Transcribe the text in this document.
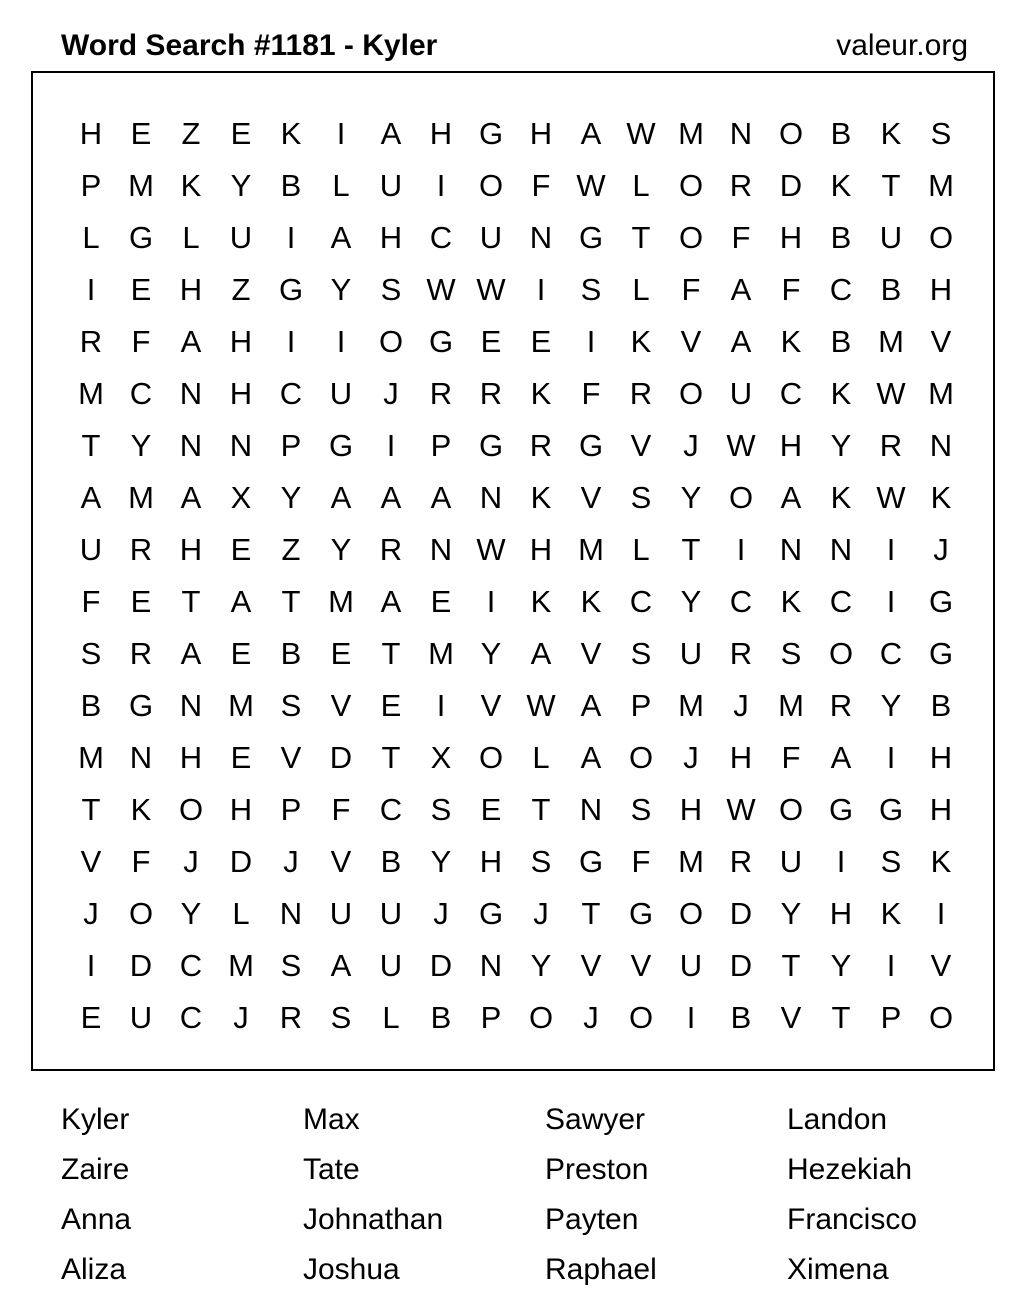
Word Search #1181 - Kyler	valeur.org
H E Z E K	I	A H G H A W M N O B K S
P M K Y B	L U	I	O F W L O R D K T M
L G L U	I	A H C U N G T O F H B U O
I	E H Z G Y S W W	I	S	L	F A F C B H
R F A H	I	I	O G E E	I	K V A K B M V
M C N H C U	J	R R K F R O U C K W M
T Y N N P G	I	P G R G V	J W H Y R N
A M A X Y A A A N K V S Y O A K W K
U R H E Z Y R N W H M L	T	I	N N	I	J
F E T A T M A E	I	K K C Y C K C	I	G
S R A E B E T M Y A V S U R S O C G
B G N M S V E	I	V W A P M J M R Y B
M N H E V D T X O L	A O J	H F A	I	H
T K O H P F C S E T N S H W O G G H
V F	J	D	J	V B Y H S G F M R U	I	S K
J O Y	L N U U	J G J	T G O D Y H K	I
I	D C M S A U D N Y V V U D T Y	I	V
E U C	J	R S	L	B P O J O	I	B V T P O
Kyler	Max	Sawyer	Landon
Zaire	Tate	Preston	Hezekiah
Anna	Johnathan	Payten	Francisco
Aliza	Joshua	Raphael	Ximena
